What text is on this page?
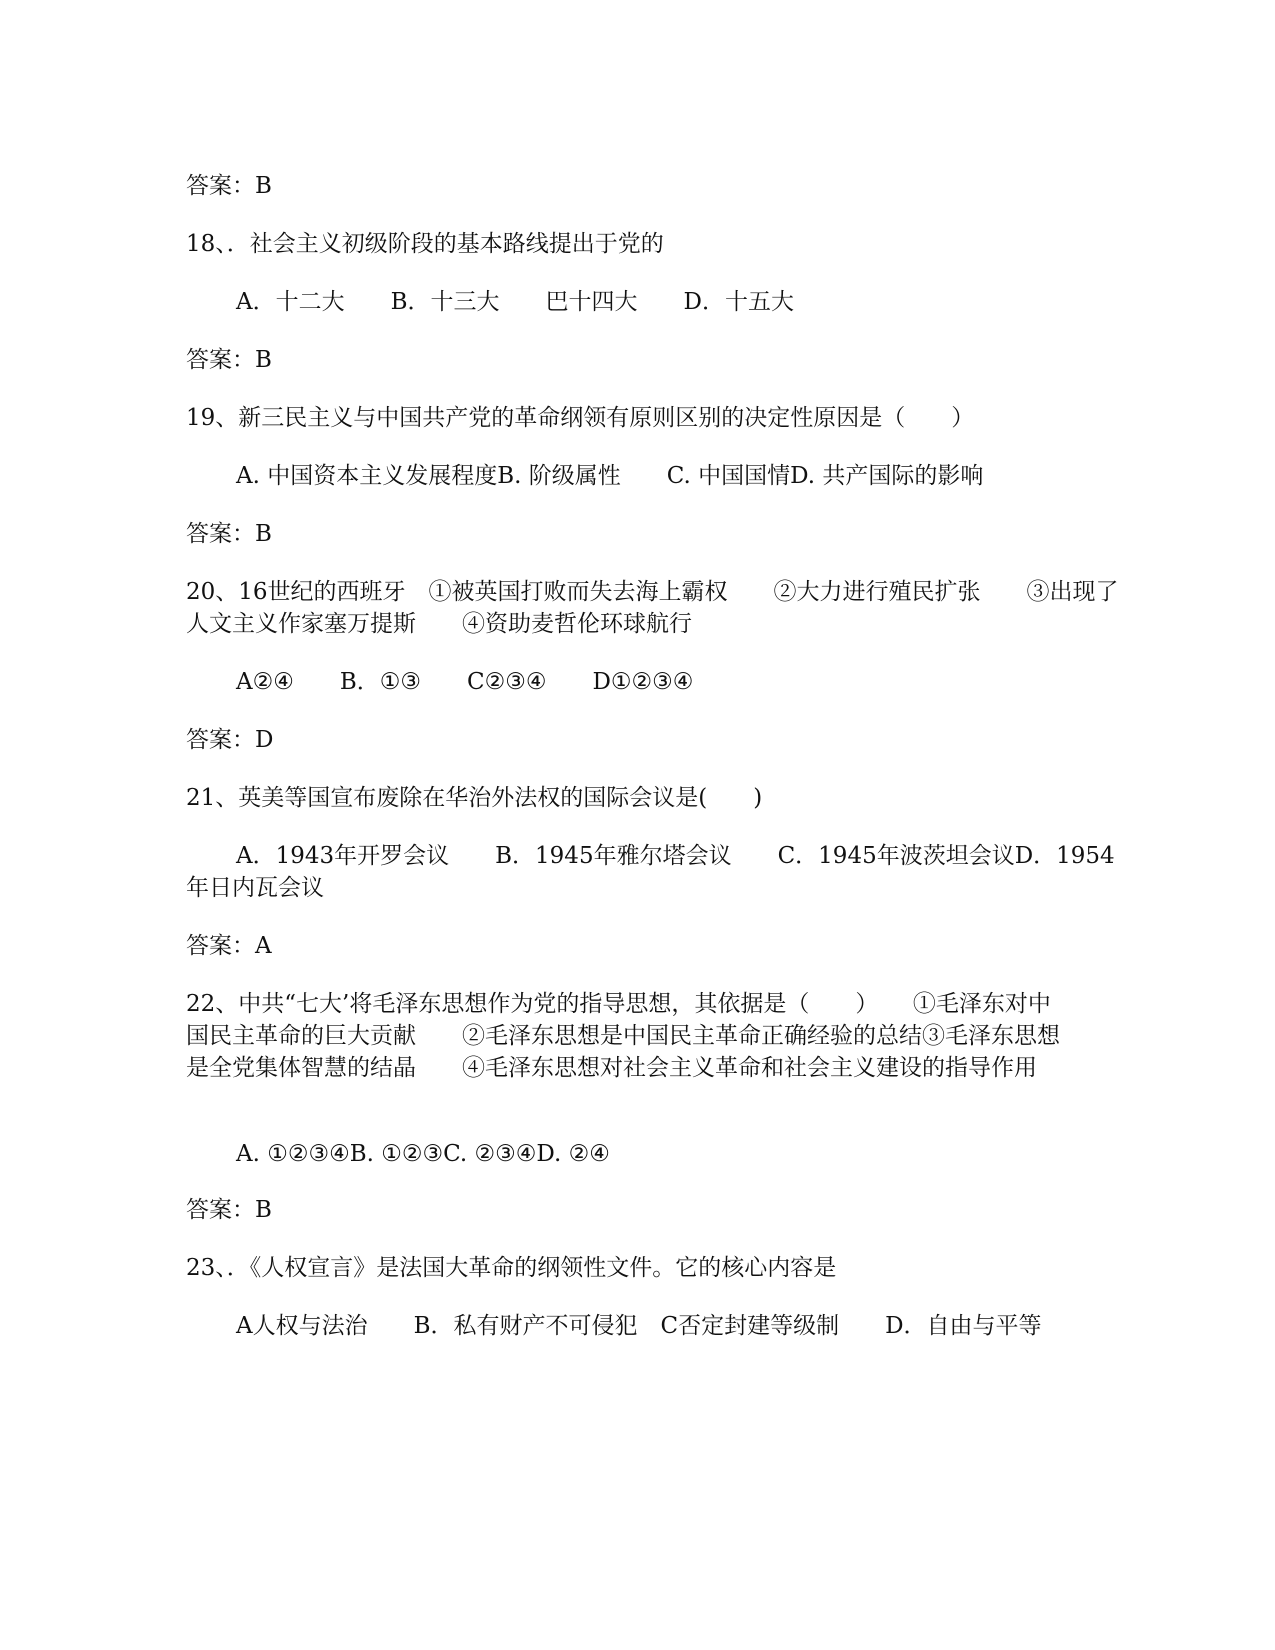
答案：B
18、．社会主义初级阶段的基本路线提出于党的
A．十二大　　B．十三大　　巴十四大　　D．十五大
答案：B
19、新三民主义与中国共产党的革命纲领有原则区别的决定性原因是（　　）
A. 中国资本主义发展程度B. 阶级属性　　C. 中国国情D. 共产国际的影响
答案：B
20、16世纪的西班牙　①被英国打败而失去海上霸权　　②大力进行殖民扩张　　③出现了人文主义作家塞万提斯　　④资助麦哲伦环球航行
A②④　　B．①③　　C②③④　　D①②③④
答案：D
21、英美等国宣布废除在华治外法权的国际会议是(　　)
A．1943年开罗会议　　B．1945年雅尔塔会议　　C．1945年波茨坦会议D．1954年日内瓦会议
答案：A
22、中共“七大’将毛泽东思想作为党的指导思想，其依据是（　　）　　①毛泽东对中国民主革命的巨大贡献　　②毛泽东思想是中国民主革命正确经验的总结③毛泽东思想是全党集体智慧的结晶　　④毛泽东思想对社会主义革命和社会主义建设的指导作用
A. ①②③④B. ①②③C. ②③④D. ②④
答案：B
23、．《人权宣言》是法国大革命的纲领性文件。它的核心内容是
A人权与法治　　B．私有财产不可侵犯　C否定封建等级制　　D．自由与平等
